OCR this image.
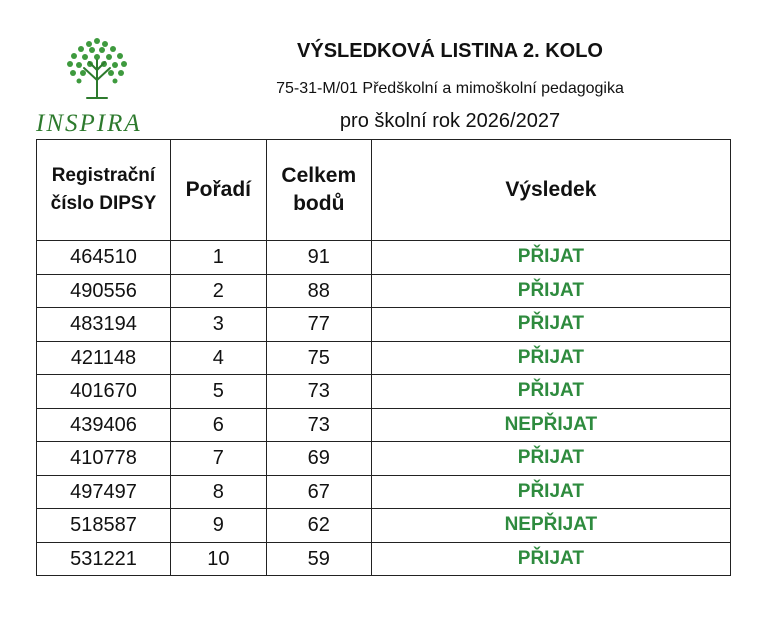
INSPIRA
VÝSLEDKOVÁ LISTINA 2. KOLO
75-31-M/01 Předškolní a mimoškolní pedagogika
pro školní rok 2026/2027
Registrační číslo DIPSY	Pořadí	Celkem bodů	Výsledek
464510	1	91	PŘIJAT
490556	2	88	PŘIJAT
483194	3	77	PŘIJAT
421148	4	75	PŘIJAT
401670	5	73	PŘIJAT
439406	6	73	NEPŘIJAT
410778	7	69	PŘIJAT
497497	8	67	PŘIJAT
518587	9	62	NEPŘIJAT
531221	10	59	PŘIJAT
